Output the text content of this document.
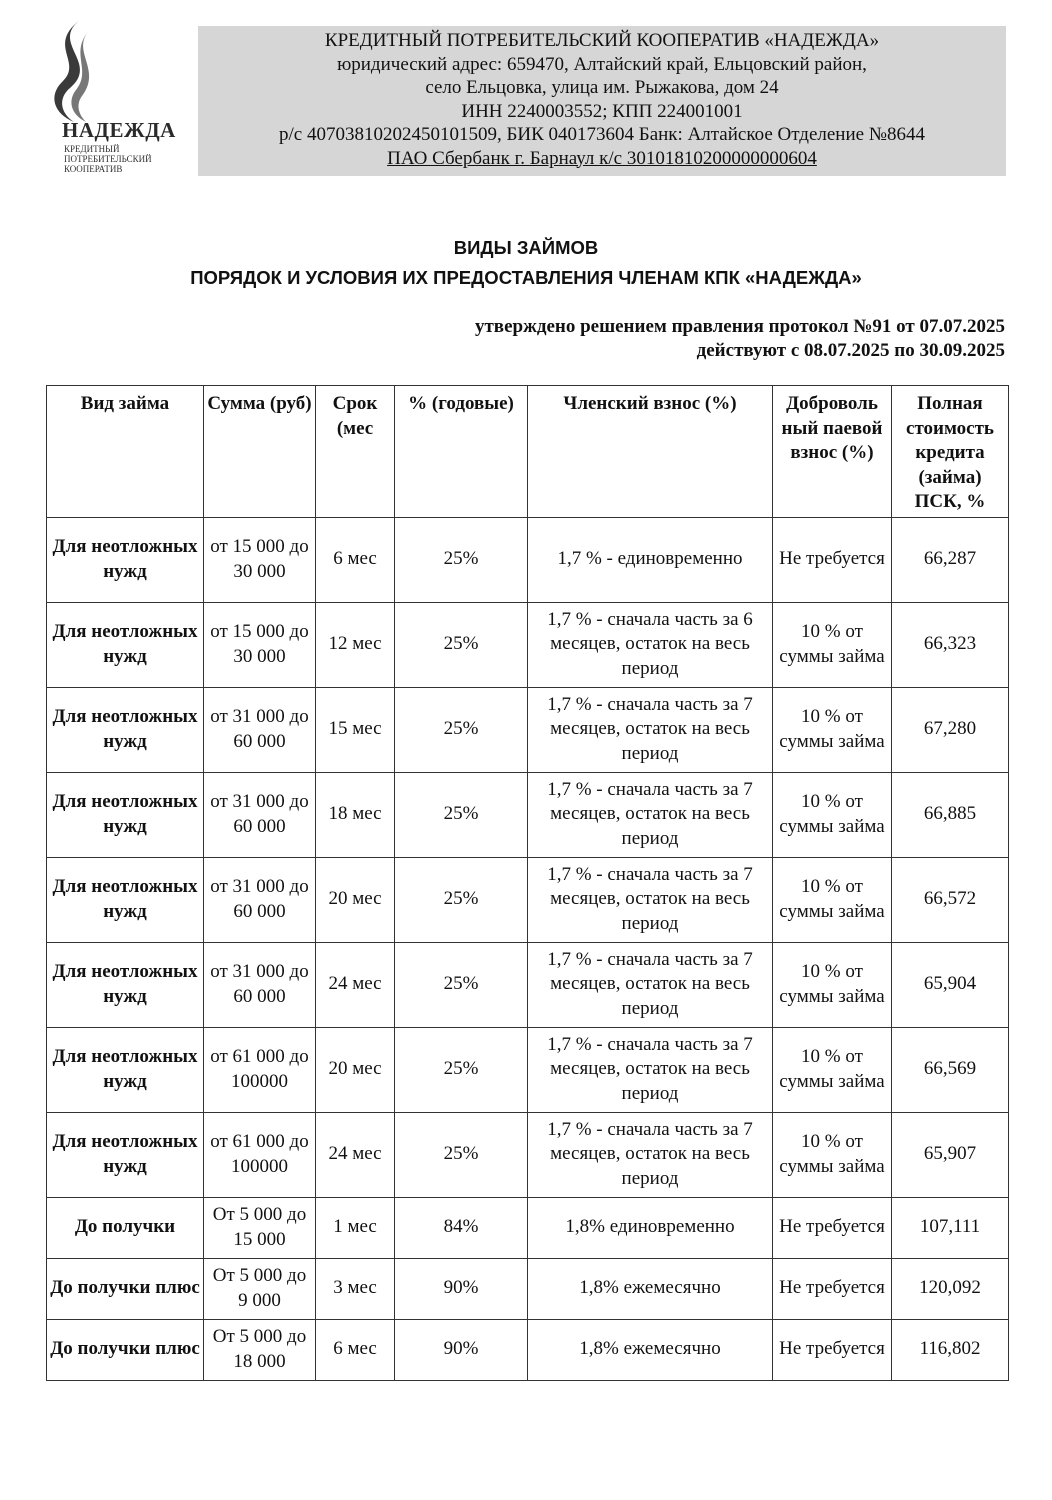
НАДЕЖДА
КРЕДИТНЫЙ ПОТРЕБИТЕЛЬСКИЙ КООПЕРАТИВ
КРЕДИТНЫЙ ПОТРЕБИТЕЛЬСКИЙ КООПЕРАТИВ «НАДЕЖДА»
юридический адрес: 659470, Алтайский край, Ельцовский район,
село Ельцовка, улица им. Рыжакова, дом 24
ИНН 2240003552; КПП 224001001
р/с 40703810202450101509, БИК 040173604 Банк: Алтайское Отделение №8644
ПАО Сбербанк г. Барнаул к/с 30101810200000000604
ВИДЫ ЗАЙМОВ
ПОРЯДОК И УСЛОВИЯ ИХ ПРЕДОСТАВЛЕНИЯ ЧЛЕНАМ КПК «НАДЕЖДА»
утверждено решением правления протокол №91 от 07.07.2025
действуют с 08.07.2025 по 30.09.2025
Вид займа	Сумма (руб)	Срок (мес	% (годовые)	Членский взнос (%)	Доброволь ный паевой взнос (%)	Полная стоимость кредита (займа) ПСК, %
Для неотложных нужд	от 15 000 до 30 000	6 мес	25%	1,7 % - единовременно	Не требуется	66,287
Для неотложных нужд	от 15 000 до 30 000	12 мес	25%	1,7 % - сначала часть за 6 месяцев, остаток на весь период	10 % от суммы займа	66,323
Для неотложных нужд	от 31 000 до 60 000	15 мес	25%	1,7 % - сначала часть за 7 месяцев, остаток на весь период	10 % от суммы займа	67,280
Для неотложных нужд	от 31 000 до 60 000	18 мес	25%	1,7 % - сначала часть за 7 месяцев, остаток на весь период	10 % от суммы займа	66,885
Для неотложных нужд	от 31 000 до 60 000	20 мес	25%	1,7 % - сначала часть за 7 месяцев, остаток на весь период	10 % от суммы займа	66,572
Для неотложных нужд	от 31 000 до 60 000	24 мес	25%	1,7 % - сначала часть за 7 месяцев, остаток на весь период	10 % от суммы займа	65,904
Для неотложных нужд	от 61 000 до 100000	20 мес	25%	1,7 % - сначала часть за 7 месяцев, остаток на весь период	10 % от суммы займа	66,569
Для неотложных нужд	от 61 000 до 100000	24 мес	25%	1,7 % - сначала часть за 7 месяцев, остаток на весь период	10 % от суммы займа	65,907
До получки	От 5 000 до 15 000	1 мес	84%	1,8% единовременно	Не требуется	107,111
До получки плюс	От 5 000 до 9 000	3 мес	90%	1,8% ежемесячно	Не требуется	120,092
До получки плюс	От 5 000 до 18 000	6 мес	90%	1,8% ежемесячно	Не требуется	116,802
